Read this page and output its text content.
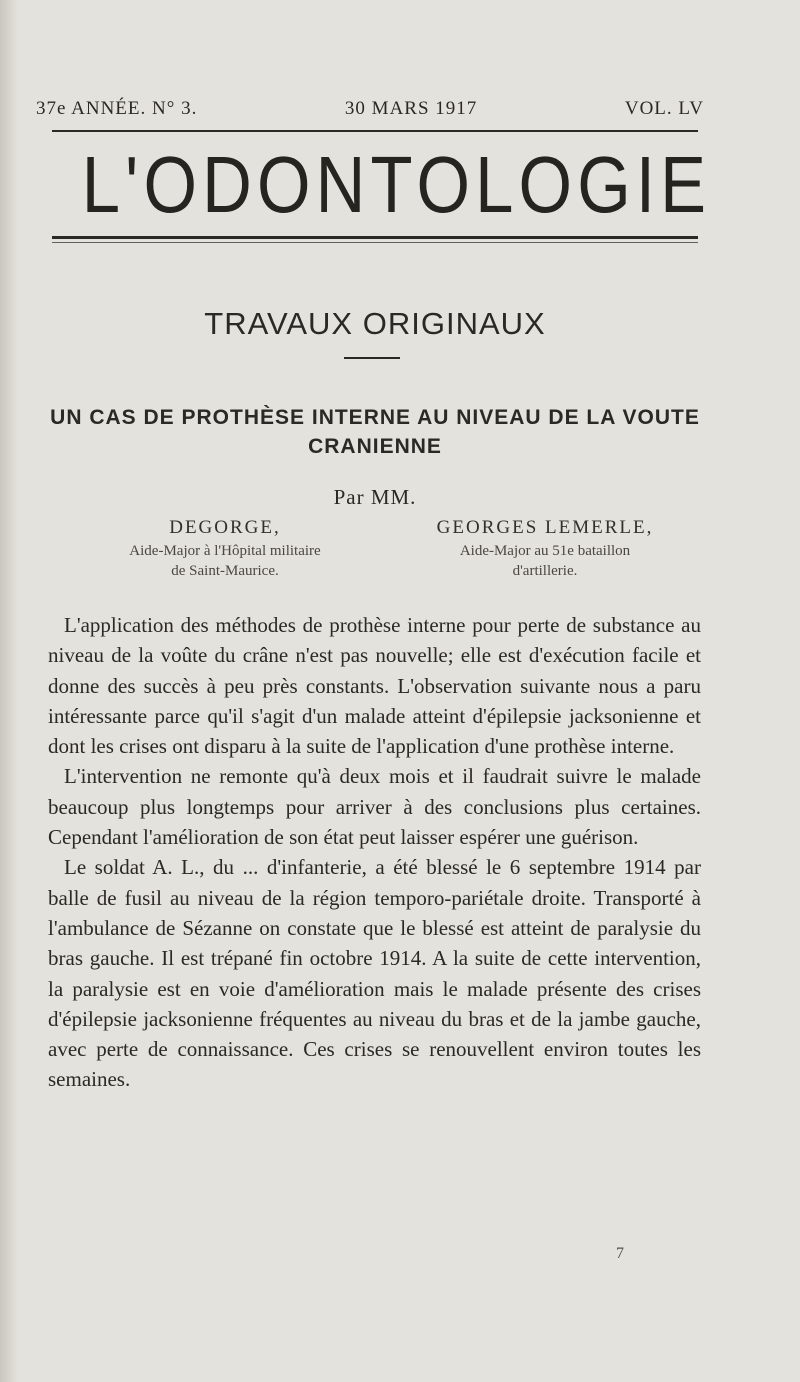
37e ANNÉE. N° 3.	30 MARS 1917	VOL. LV
L'ODONTOLOGIE
TRAVAUX ORIGINAUX
UN CAS DE PROTHÈSE INTERNE AU NIVEAU DE LA VOUTE CRANIENNE
Par MM.
DEGORGE,
Aide-Major à l'Hôpital militaire
de Saint-Maurice.
GEORGES LEMERLE,
Aide-Major au 51e bataillon
d'artillerie.

L'application des méthodes de prothèse interne pour perte de substance au niveau de la voûte du crâne n'est pas nouvelle; elle est d'exécution facile et donne des succès à peu près constants. L'observation suivante nous a paru intéressante parce qu'il s'agit d'un malade atteint d'épilepsie jacksonienne et dont les crises ont disparu à la suite de l'application d'une prothèse interne.

L'intervention ne remonte qu'à deux mois et il faudrait suivre le malade beaucoup plus longtemps pour arriver à des conclusions plus certaines. Cependant l'amélioration de son état peut laisser espérer une guérison.

Le soldat A. L., du ... d'infanterie, a été blessé le 6 septembre 1914 par balle de fusil au niveau de la région temporo-pariétale droite. Transporté à l'ambulance de Sézanne on constate que le blessé est atteint de paralysie du bras gauche. Il est trépané fin octobre 1914. A la suite de cette intervention, la paralysie est en voie d'amélioration mais le malade présente des crises d'épilepsie jacksonienne fréquentes au niveau du bras et de la jambe gauche, avec perte de connaissance. Ces crises se renouvellent environ toutes les semaines.

7
